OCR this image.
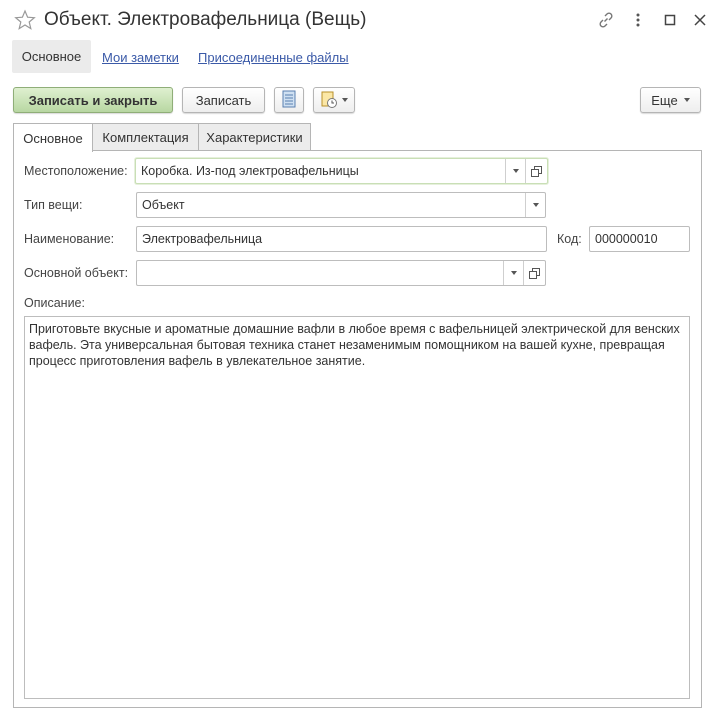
Объект. Электровафельница (Вещь)
Основное	Мои заметки Присоединенные файлы
Записать и закрыть	Записать	Еще
Основное	Комплектация	Характеристики
Местоположение: Коробка. Из-под электровафельницы
Тип вещи:	Объект
Наименование: Электровафельница	Код: 000000010
Основной объект:
Описание:
Приготовьте вкусные и ароматные домашние вафли в любое время с вафельницей электрической для венских вафель. Эта универсальная бытовая техника станет незаменимым помощником на вашей кухне, превращая процесс приготовления вафель в увлекательное занятие.
